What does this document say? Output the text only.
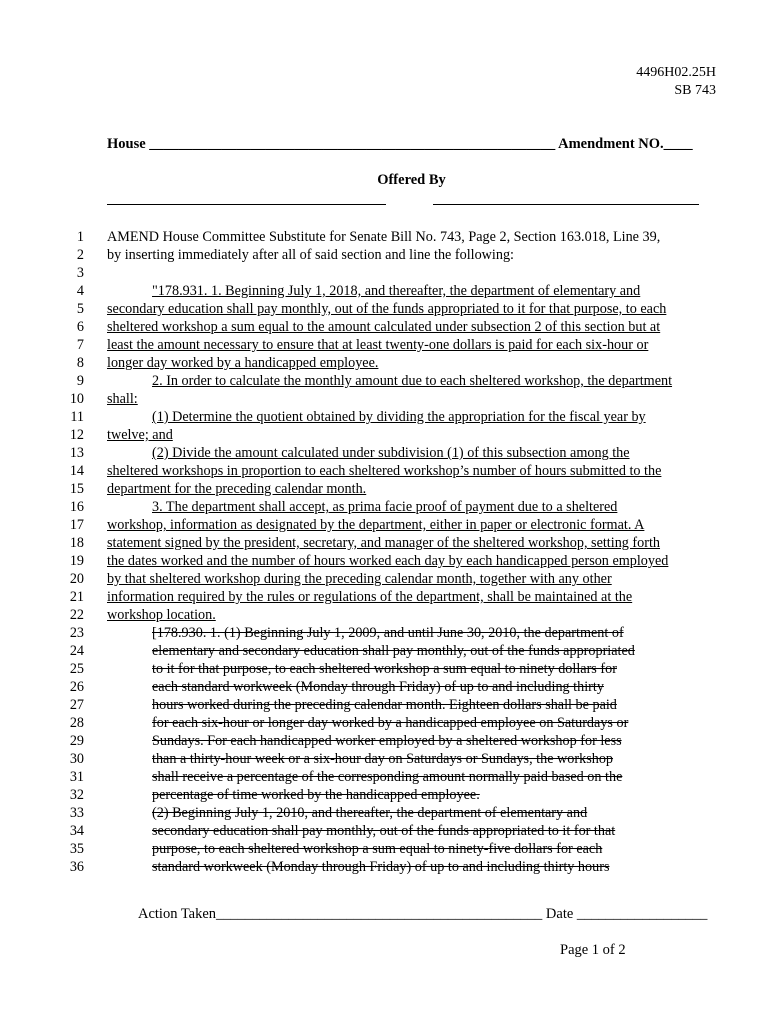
4496H02.25H
SB 743
House ________________________________________________________ Amendment NO.____
Offered By
1 AMEND House Committee Substitute for Senate Bill No. 743, Page 2, Section 163.018, Line 39,
2 by inserting immediately after all of said section and line the following:
3
4	"178.931. 1. Beginning July 1, 2018, and thereafter, the department of elementary and
5 secondary education shall pay monthly, out of the funds appropriated to it for that purpose, to each
6 sheltered workshop a sum equal to the amount calculated under subsection 2 of this section but at
7 least the amount necessary to ensure that at least twenty-one dollars is paid for each six-hour or
8 longer day worked by a handicapped employee.
9	2. In order to calculate the monthly amount due to each sheltered workshop, the department
10 shall:
11	(1) Determine the quotient obtained by dividing the appropriation for the fiscal year by
12 twelve; and
13	(2) Divide the amount calculated under subdivision (1) of this subsection among the
14 sheltered workshops in proportion to each sheltered workshop’s number of hours submitted to the
15 department for the preceding calendar month.
16	3. The department shall accept, as prima facie proof of payment due to a sheltered
17 workshop, information as designated by the department, either in paper or electronic format. A
18 statement signed by the president, secretary, and manager of the sheltered workshop, setting forth
19 the dates worked and the number of hours worked each day by each handicapped person employed
20 by that sheltered workshop during the preceding calendar month, together with any other
21 information required by the rules or regulations of the department, shall be maintained at the
22 workshop location.
23	[178.930. 1. (1) Beginning July 1, 2009, and until June 30, 2010, the department of
24	elementary and secondary education shall pay monthly, out of the funds appropriated
25	to it for that purpose, to each sheltered workshop a sum equal to ninety dollars for
26	each standard workweek (Monday through Friday) of up to and including thirty
27	hours worked during the preceding calendar month. Eighteen dollars shall be paid
28	for each six-hour or longer day worked by a handicapped employee on Saturdays or
29	Sundays. For each handicapped worker employed by a sheltered workshop for less
30	than a thirty-hour week or a six-hour day on Saturdays or Sundays, the workshop
31	shall receive a percentage of the corresponding amount normally paid based on the
32	percentage of time worked by the handicapped employee.
33	(2) Beginning July 1, 2010, and thereafter, the department of elementary and
34	secondary education shall pay monthly, out of the funds appropriated to it for that
35	purpose, to each sheltered workshop a sum equal to ninety-five dollars for each
36	standard workweek (Monday through Friday) of up to and including thirty hours
Action Taken_____________________________________________ Date __________________
Page 1 of 2
